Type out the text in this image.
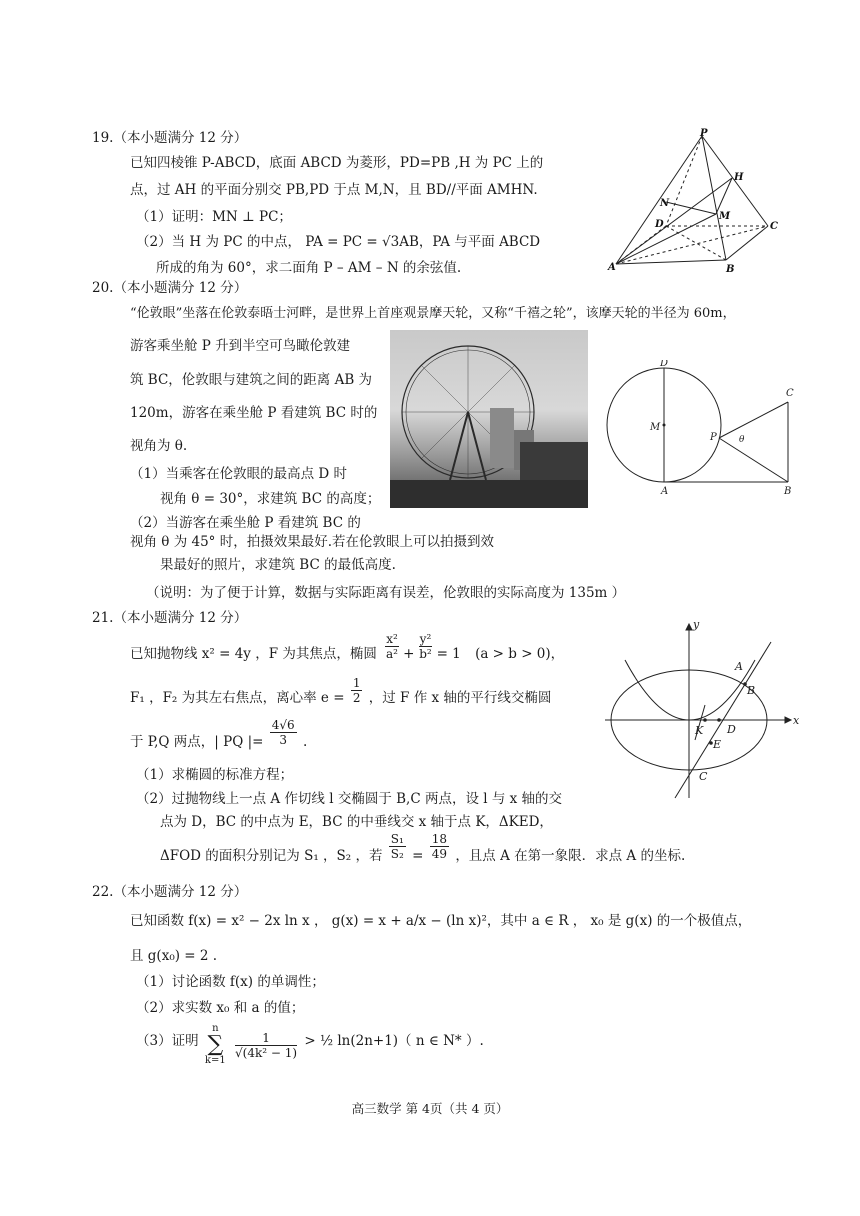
19.（本小题满分 12 分）
已知四棱锥 P-ABCD，底面 ABCD 为菱形，PD=PB ,H 为 PC 上的
点，过 AH 的平面分别交 PB,PD 于点 M,N，且 BD//平面 AMHN.
（1）证明：MN ⊥ PC；
（2）当 H 为 PC 的中点， PA = PC = √3AB，PA 与平面 ABCD
所成的角为 60°，求二面角 P – AM – N 的余弦值.
P
H
N
M
D	C
A	B
20.（本小题满分 12 分）
“伦敦眼”坐落在伦敦泰晤士河畔，是世界上首座观景摩天轮，又称“千禧之轮”，该摩天轮的半径为 60m，
游客乘坐舱 P 升到半空可鸟瞰伦敦建
筑 BC，伦敦眼与建筑之间的距离 AB 为
120m，游客在乘坐舱 P 看建筑 BC 时的
视角为 θ.
（1）当乘客在伦敦眼的最高点 D 时
视角 θ = 30°，求建筑 BC 的高度；
（2）当游客在乘坐舱 P 看建筑 BC 的
视角 θ 为 45° 时，拍摄效果最好.若在伦敦眼上可以拍摄到效
果最好的照片，求建筑 BC 的最低高度.
（说明：为了便于计算，数据与实际距离有误差，伦敦眼的实际高度为 135m ）
D
M
P θ
C
A	B
21.（本小题满分 12 分）
已知抛物线 x² = 4y ，F 为其焦点，椭圆 $\frac{\text{x²}}{\text{a²}} + \frac{\text{y²}}{\text{b²}} = 1$ (a > b > 0)，
F₁ ，F₂ 为其左右焦点，离心率 $e = \frac{1}{2}$ ，过 F 作 x 轴的平行线交椭圆
于 P,Q 两点，| PQ |= $\frac{4√6}{3}$ .
（1）求椭圆的标准方程；
（2）过抛物线上一点 A 作切线 l 交椭圆于 B,C 两点，设 l 与 x 轴的交
点为 D，BC 的中点为 E，BC 的中垂线交 x 轴于点 K，ΔKED，
ΔFOD 的面积分别记为 S₁ ，S₂ ，若 $\frac{\text{S₁}}{\text{S₂}} = \frac{18}{49}$ ，且点 A 在第一象限．求点 A 的坐标.
y
A
B
x
K D
E
C
22.（本小题满分 12 分）
已知函数 f(x) = x² − 2x ln x ， g(x) = x + a/x − (ln x)²，其中 a ∈ R ， x₀ 是 g(x) 的一个极值点，
且 g(x₀) = 2 .
（1）讨论函数 f(x) 的单调性；
（2）求实数 x₀ 和 a 的值；
（3）证明
n
∑
k=1

$\frac{1}{\text{√(4k² − 1)}}$ > ½ ln(2n+1)（ n ∈ N* ）.
高三数学 第 4页（共 4 页）
